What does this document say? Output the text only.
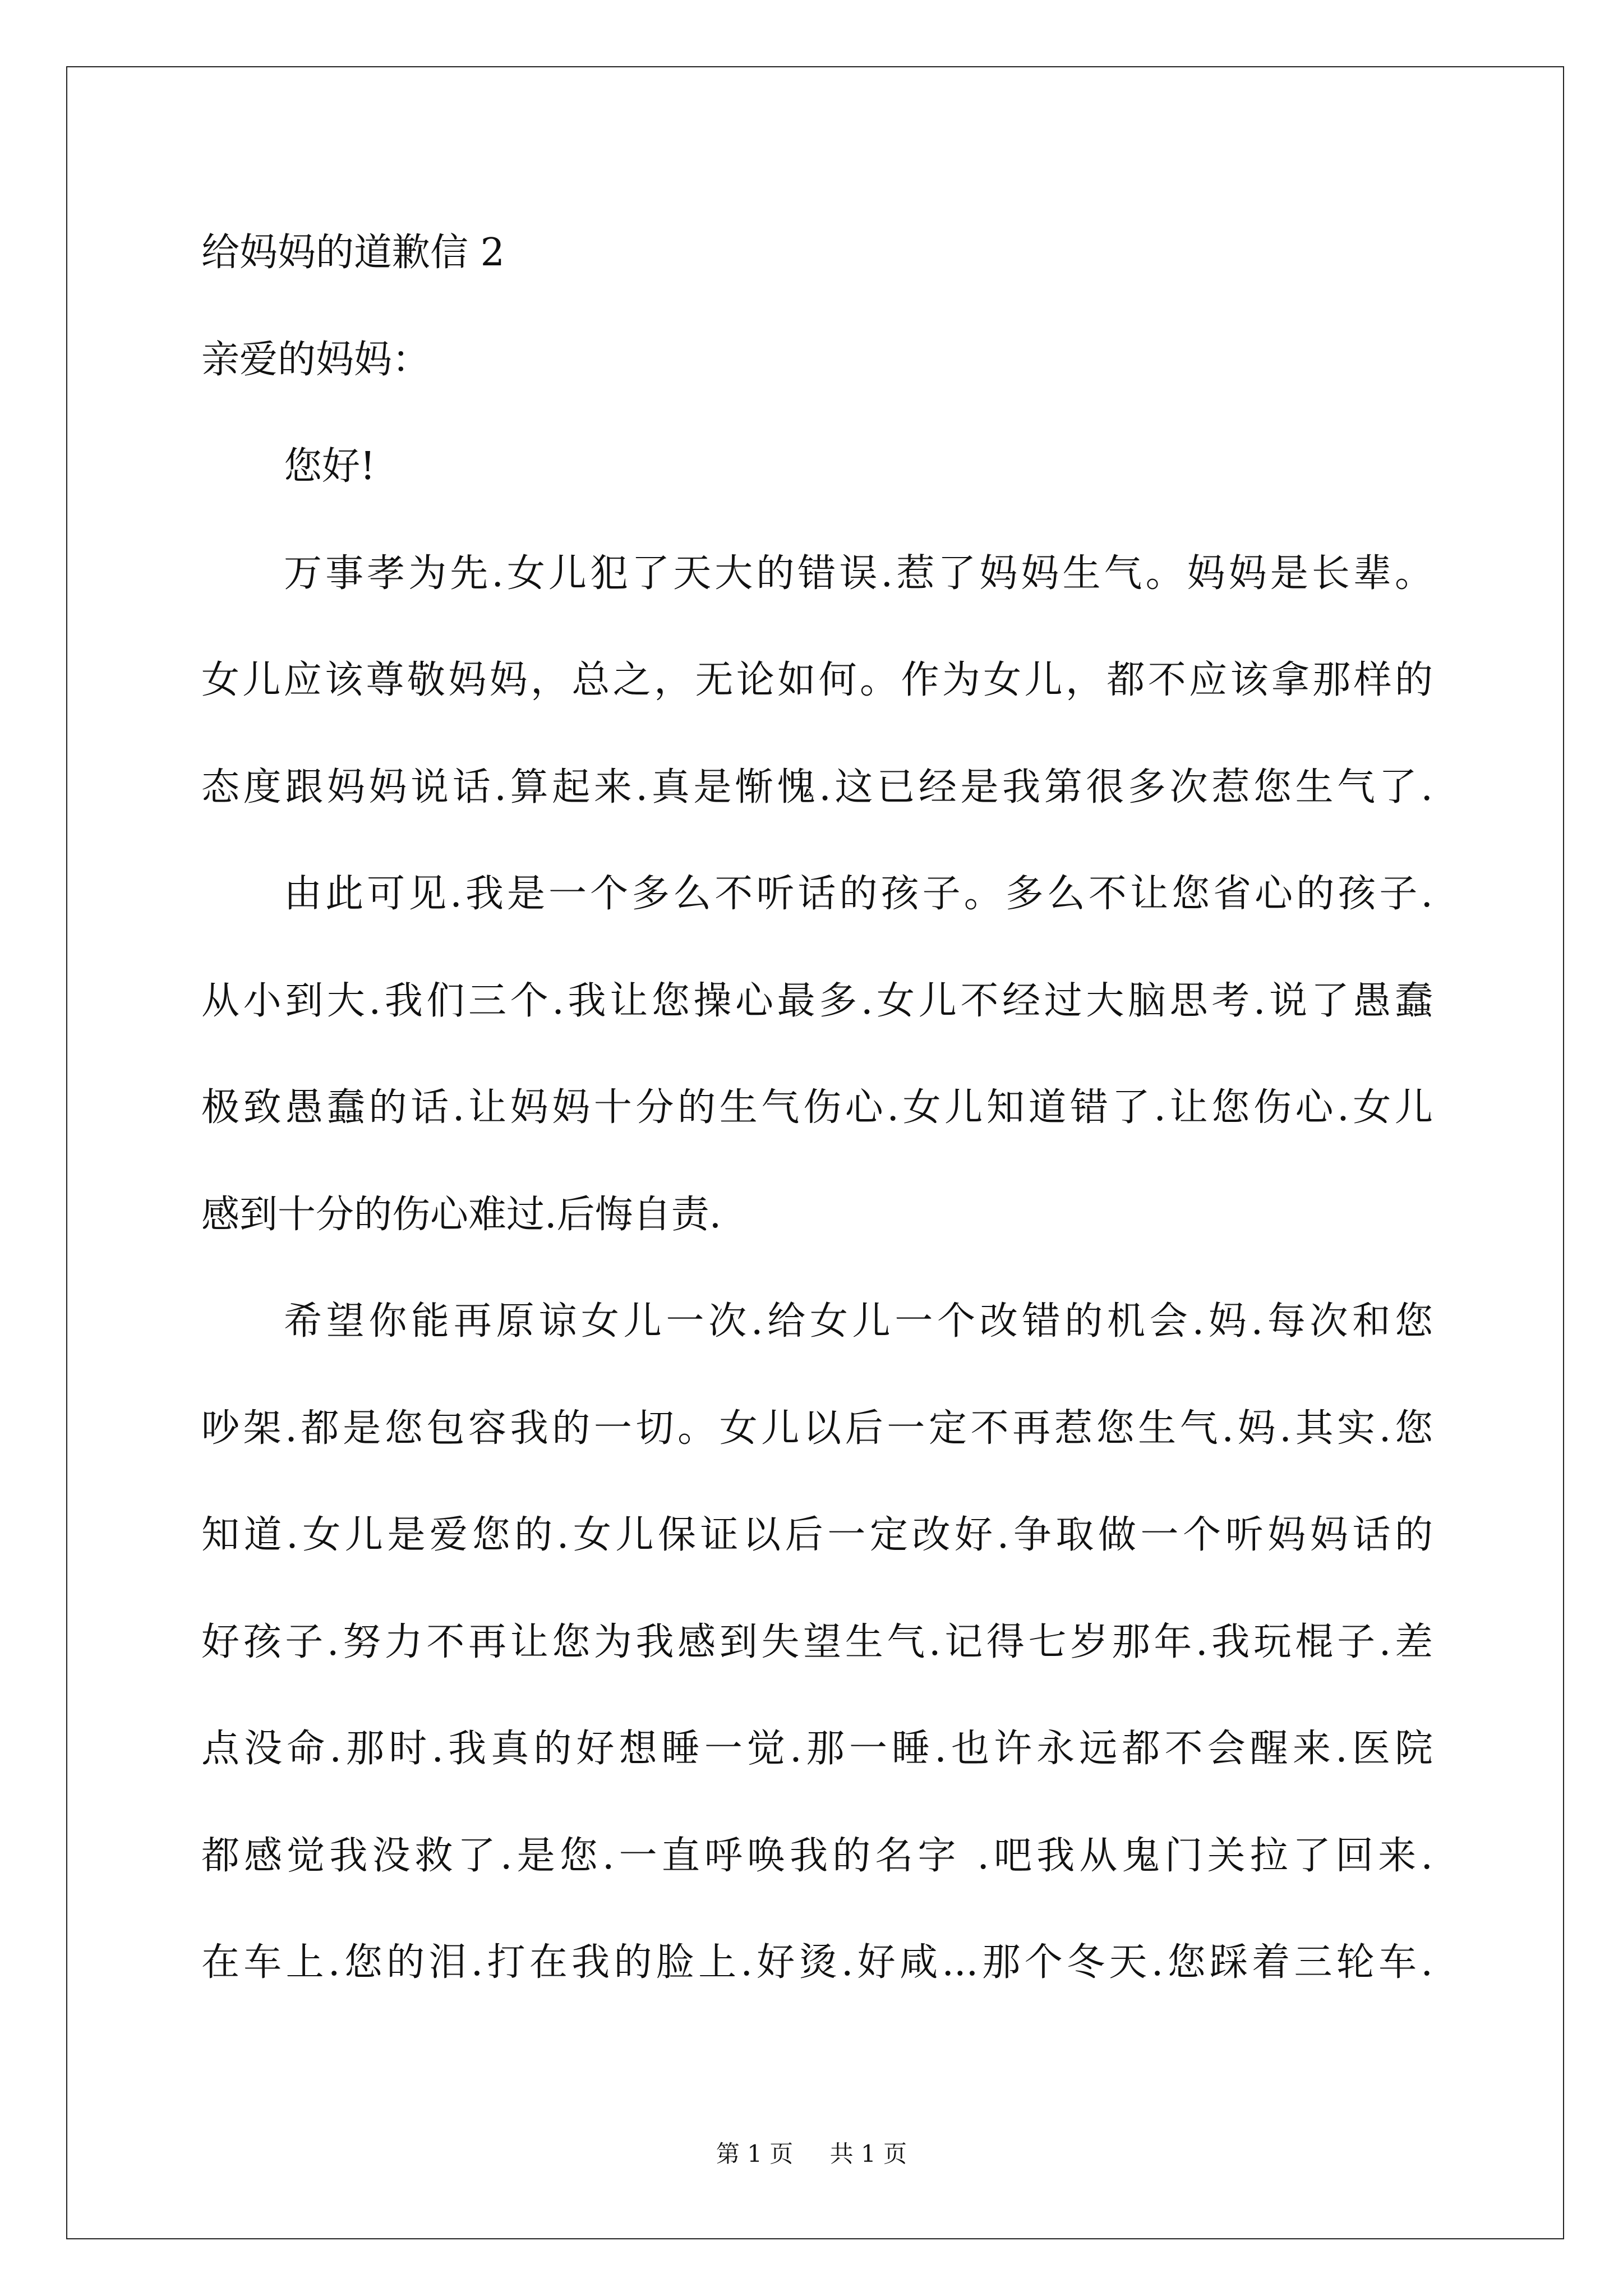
给妈妈的道歉信 2
亲爱的妈妈：
您好!
万事孝为先.女儿犯了天大的错误.惹了妈妈生气。妈妈是长辈。
女儿应该尊敬妈妈，总之，无论如何。作为女儿，都不应该拿那样的
态度跟妈妈说话.算起来.真是惭愧.这已经是我第很多次惹您生气了.
由此可见.我是一个多么不听话的孩子。多么不让您省心的孩子.
从小到大.我们三个.我让您操心最多.女儿不经过大脑思考.说了愚蠢
极致愚蠢的话.让妈妈十分的生气伤心.女儿知道错了.让您伤心.女儿
感到十分的伤心难过.后悔自责.
希望你能再原谅女儿一次.给女儿一个改错的机会.妈.每次和您
吵架.都是您包容我的一切。女儿以后一定不再惹您生气.妈.其实.您
知道.女儿是爱您的.女儿保证以后一定改好.争取做一个听妈妈话的
好孩子.努力不再让您为我感到失望生气.记得七岁那年.我玩棍子.差
点没命.那时.我真的好想睡一觉.那一睡.也许永远都不会醒来.医院
都感觉我没救了.是您.一直呼唤我的名字 .吧我从鬼门关拉了回来.
在车上.您的泪.打在我的脸上.好烫.好咸...那个冬天.您踩着三轮车.
第 1 页 共 1 页
